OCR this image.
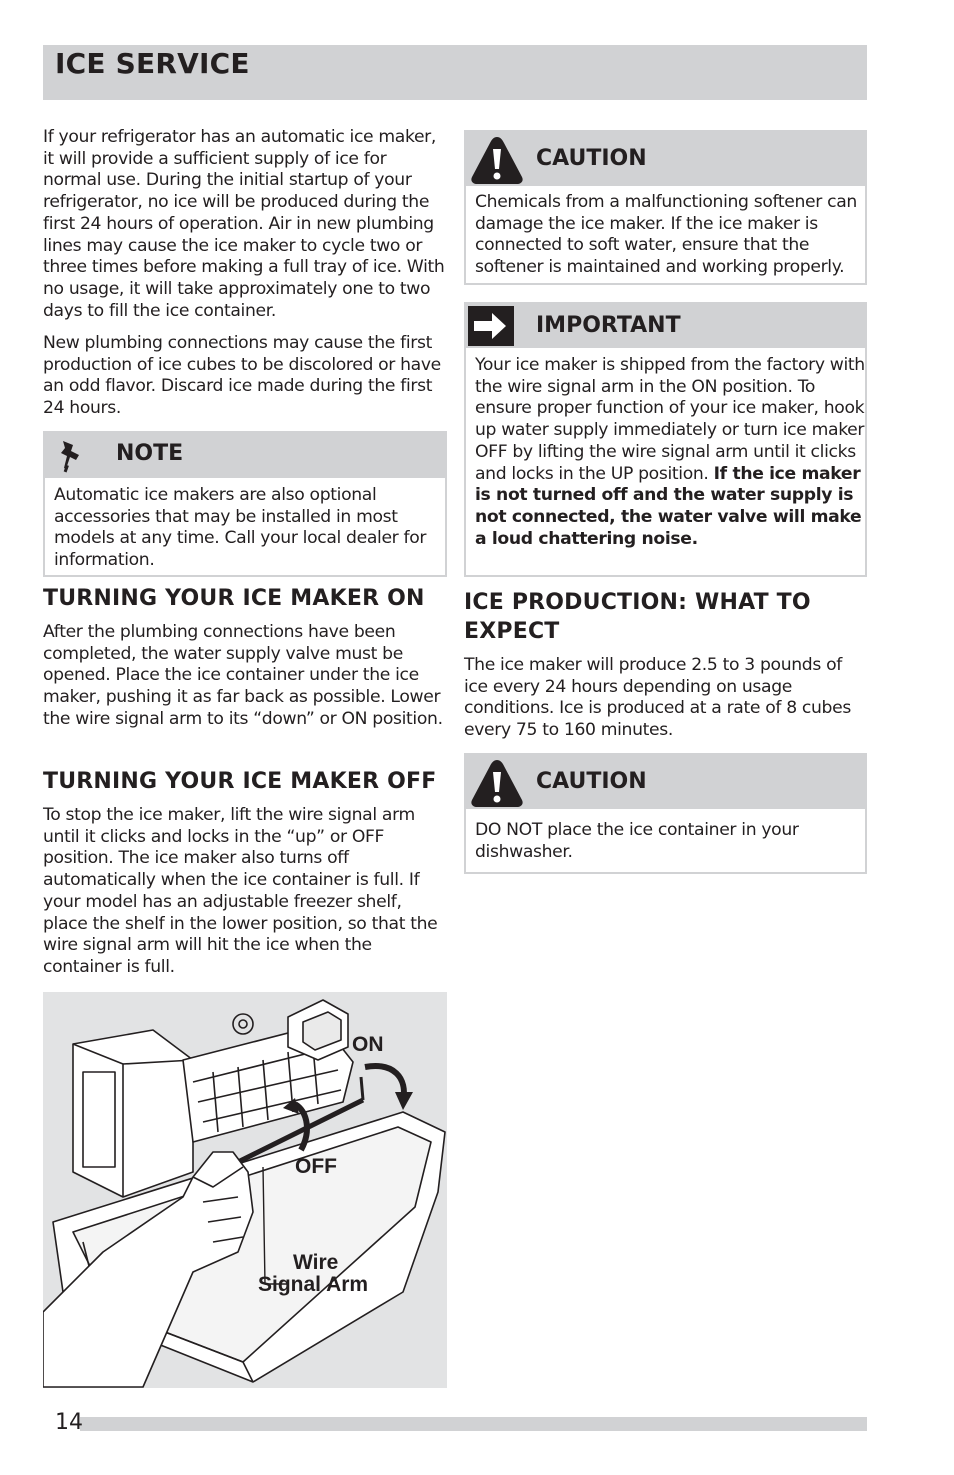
ICE SERVICE

If your refrigerator has an automatic ice maker, it will provide a sufficient supply of ice for normal use. During the initial startup of your refrigerator, no ice will be produced during the first 24 hours of operation. Air in new plumbing lines may cause the ice maker to cycle two or three times before making a full tray of ice. With no usage, it will take approximately one to two days to fill the ice container.

New plumbing connections may cause the first production of ice cubes to be discolored or have an odd flavor. Discard ice made during the first 24 hours.

NOTE

Automatic ice makers are also optional accessories that may be installed in most models at any time. Call your local dealer for information.

TURNING YOUR ICE MAKER ON

After the plumbing connections have been completed, the water supply valve must be opened. Place the ice container under the ice maker, pushing it as far back as possible. Lower the wire signal arm to its “down” or ON position.

TURNING YOUR ICE MAKER OFF

To stop the ice maker, lift the wire signal arm until it clicks and locks in the “up” or OFF position. The ice maker also turns off automatically when the ice container is full. If your model has an adjustable freezer shelf, place the shelf in the lower position, so that the wire signal arm will hit the ice when the container is full.

ON
OFF
Wire
Signal Arm
CAUTION

Chemicals from a malfunctioning softener can damage the ice maker. If the ice maker is connected to soft water, ensure that the softener is maintained and working properly.

IMPORTANT

Your ice maker is shipped from the factory with the wire signal arm in the ON position. To ensure proper function of your ice maker, hook up water supply immediately or turn ice maker OFF by lifting the wire signal arm until it clicks and locks in the UP position. If the ice maker is not turned off and the water supply is not connected, the water valve will make a loud chattering noise.

ICE PRODUCTION: WHAT TO EXPECT

The ice maker will produce 2.5 to 3 pounds of ice every 24 hours depending on usage conditions. Ice is produced at a rate of 8 cubes every 75 to 160 minutes.

CAUTION

DO NOT place the ice container in your dishwasher.

14
